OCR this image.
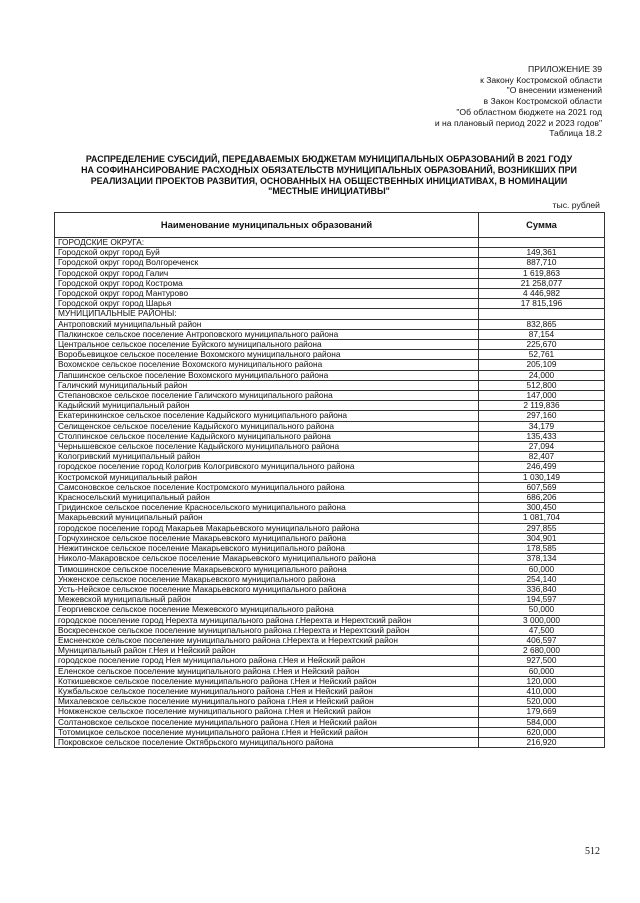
ПРИЛОЖЕНИЕ 39
к Закону Костромской области
"О внесении изменений
в Закон Костромской области
"Об областном бюджете на 2021 год
и на плановый период 2022 и 2023 годов"
Таблица 18.2
РАСПРЕДЕЛЕНИЕ СУБСИДИЙ, ПЕРЕДАВАЕМЫХ БЮДЖЕТАМ МУНИЦИПАЛЬНЫХ ОБРАЗОВАНИЙ В 2021 ГОДУ
НА СОФИНАНСИРОВАНИЕ РАСХОДНЫХ ОБЯЗАТЕЛЬСТВ МУНИЦИПАЛЬНЫХ ОБРАЗОВАНИЙ, ВОЗНИКШИХ ПРИ
РЕАЛИЗАЦИИ ПРОЕКТОВ РАЗВИТИЯ, ОСНОВАННЫХ НА ОБЩЕСТВЕННЫХ ИНИЦИАТИВАХ, В НОМИНАЦИИ
"МЕСТНЫЕ ИНИЦИАТИВЫ"
тыс. рублей
Наименование муниципальных образований	Сумма
ГОРОДСКИЕ ОКРУГА:	
Городской округ город Буй	149,361
Городской округ город Волгореченск	887,710
Городской округ город Галич	1 619,863
Городской округ город Кострома	21 258,077
Городской округ город Мантурово	4 446,982
Городской округ город Шарья	17 815,196
МУНИЦИПАЛЬНЫЕ РАЙОНЫ:	
Антроповский муниципальный район	832,865
Палкинское сельское поселение Антроповского муниципального района	87,154
Центральное сельское поселение Буйского муниципального района	225,670
Воробьевицкое сельское поселение Вохомского муниципального района	52,761
Вохомское сельское поселение Вохомского муниципального района	205,109
Лапшинское сельское поселение Вохомского муниципального района	24,000
Галичский муниципальный район	512,800
Степановское сельское поселение Галичского муниципального района	147,000
Кадыйский муниципальный район	2 119,836
Екатеринкинское сельское поселение Кадыйского муниципального района	297,160
Селищенское сельское поселение Кадыйского муниципального района	34,179
Столпинское сельское поселение Кадыйского муниципального района	135,433
Чернышевское сельское поселение Кадыйского муниципального района	27,094
Кологривский муниципальный район	82,407
городское поселение город Кологрив Кологривского муниципального района	246,499
Костромской муниципальный район	1 030,149
Самсоновское сельское поселение Костромского муниципального района	607,569
Красносельский муниципальный район	686,206
Гридинское сельское поселение Красносельского муниципального района	300,450
Макарьевский муниципальный район	1 081,704
городское поселение город Макарьев Макарьевского муниципального района	297,855
Горчухинское сельское поселение Макарьевского муниципального района	304,901
Нежитинское сельское поселение Макарьевского муниципального района	178,585
Николо-Макаровское сельское поселение Макарьевского муниципального района	378,134
Тимошинское сельское поселение Макарьевского муниципального района	60,000
Унженское сельское поселение Макарьевского муниципального района	254,140
Усть-Нейское сельское поселение Макарьевского муниципального района	336,840
Межевской муниципальный район	194,597
Георгиевское сельское поселение Межевского муниципального района	50,000
городское поселение город Нерехта муниципального района г.Нерехта и Нерехтский район	3 000,000
Воскресенское сельское поселение муниципального района г.Нерехта и Нерехтский район	47,500
Емсненское сельское поселение муниципального района г.Нерехта и Нерехтский район	406,597
Муниципальный район г.Нея и Нейский район	2 680,000
городское поселение город Нея муниципального района г.Нея и Нейский район	927,500
Еленское сельское поселение муниципального района г.Нея и Нейский район	60,000
Коткишевское сельское поселение муниципального района г.Нея и Нейский район	120,000
Кужбальское сельское поселение муниципального района г.Нея и Нейский район	410,000
Михалевское сельское поселение муниципального района г.Нея и Нейский район	520,000
Номженское сельское поселение муниципального района г.Нея и Нейский район	179,669
Солтановское сельское поселение муниципального района г.Нея и Нейский район	584,000
Тотомицкое сельское поселение муниципального района г.Нея и Нейский район	620,000
Покровское сельское поселение Октябрьского муниципального района	216,920
512
